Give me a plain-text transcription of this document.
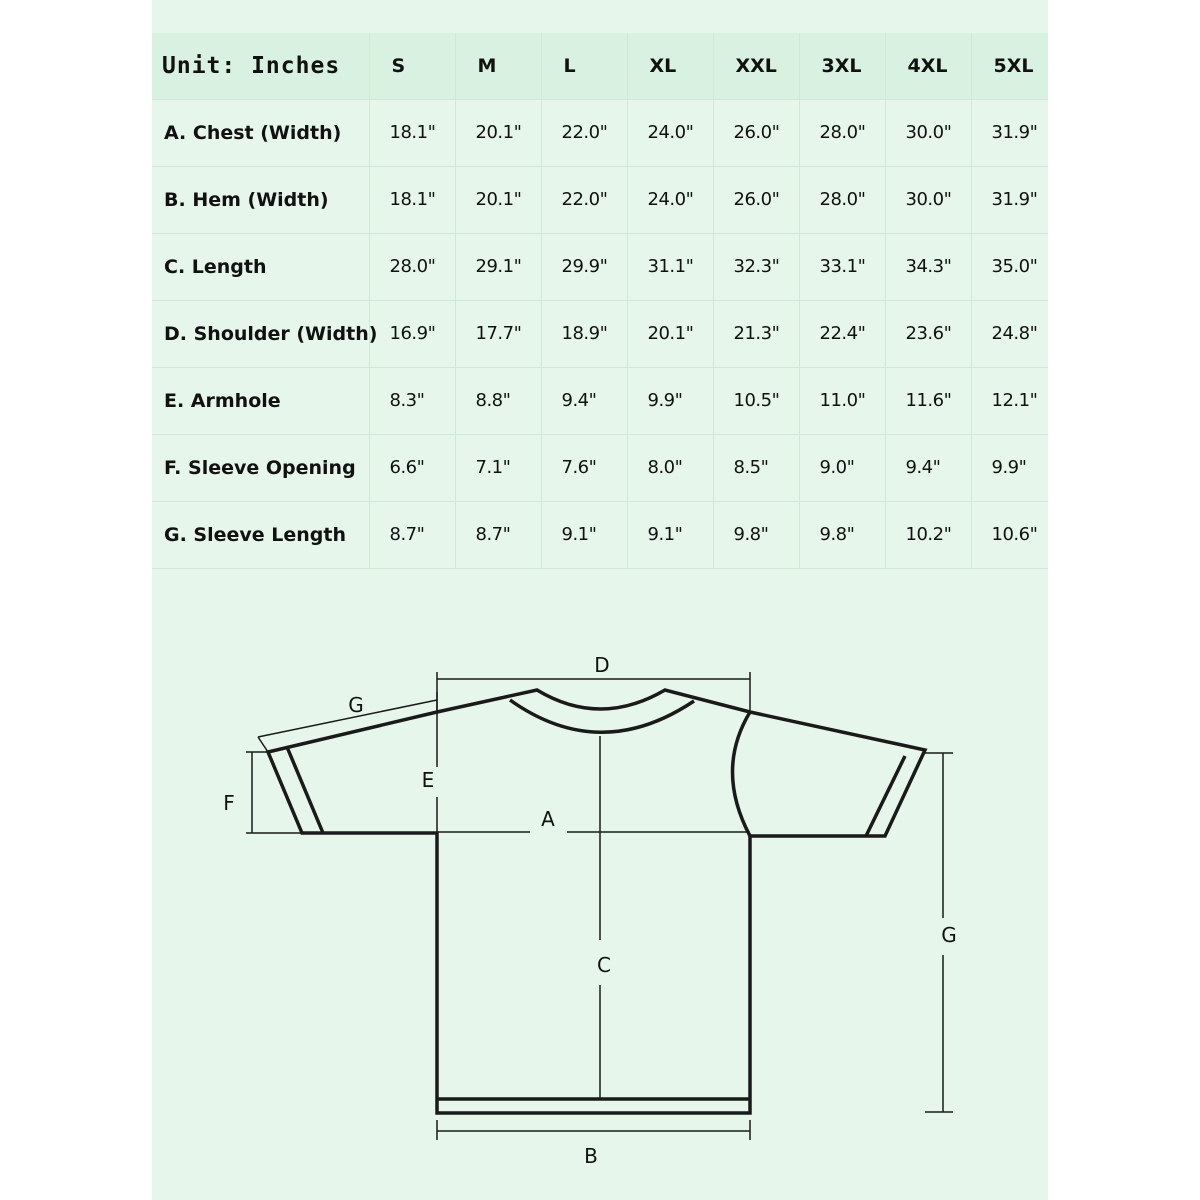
Unit: Inches	S	M	L	XL	XXL	3XL	4XL	5XL
A. Chest (Width)	18.1"	20.1"	22.0"	24.0"	26.0"	28.0"	30.0"	31.9"
B. Hem (Width)	18.1"	20.1"	22.0"	24.0"	26.0"	28.0"	30.0"	31.9"
C. Length	28.0"	29.1"	29.9"	31.1"	32.3"	33.1"	34.3"	35.0"
D. Shoulder (Width)	16.9"	17.7"	18.9"	20.1"	21.3"	22.4"	23.6"	24.8"
E. Armhole	8.3"	8.8"	9.4"	9.9"	10.5"	11.0"	11.6"	12.1"
F. Sleeve Opening	6.6"	7.1"	7.6"	8.0"	8.5"	9.0"	9.4"	9.9"
G. Sleeve Length	8.7"	8.7"	9.1"	9.1"	9.8"	9.8"	10.2"	10.6"
D
G
F
E
A
C
G
B
